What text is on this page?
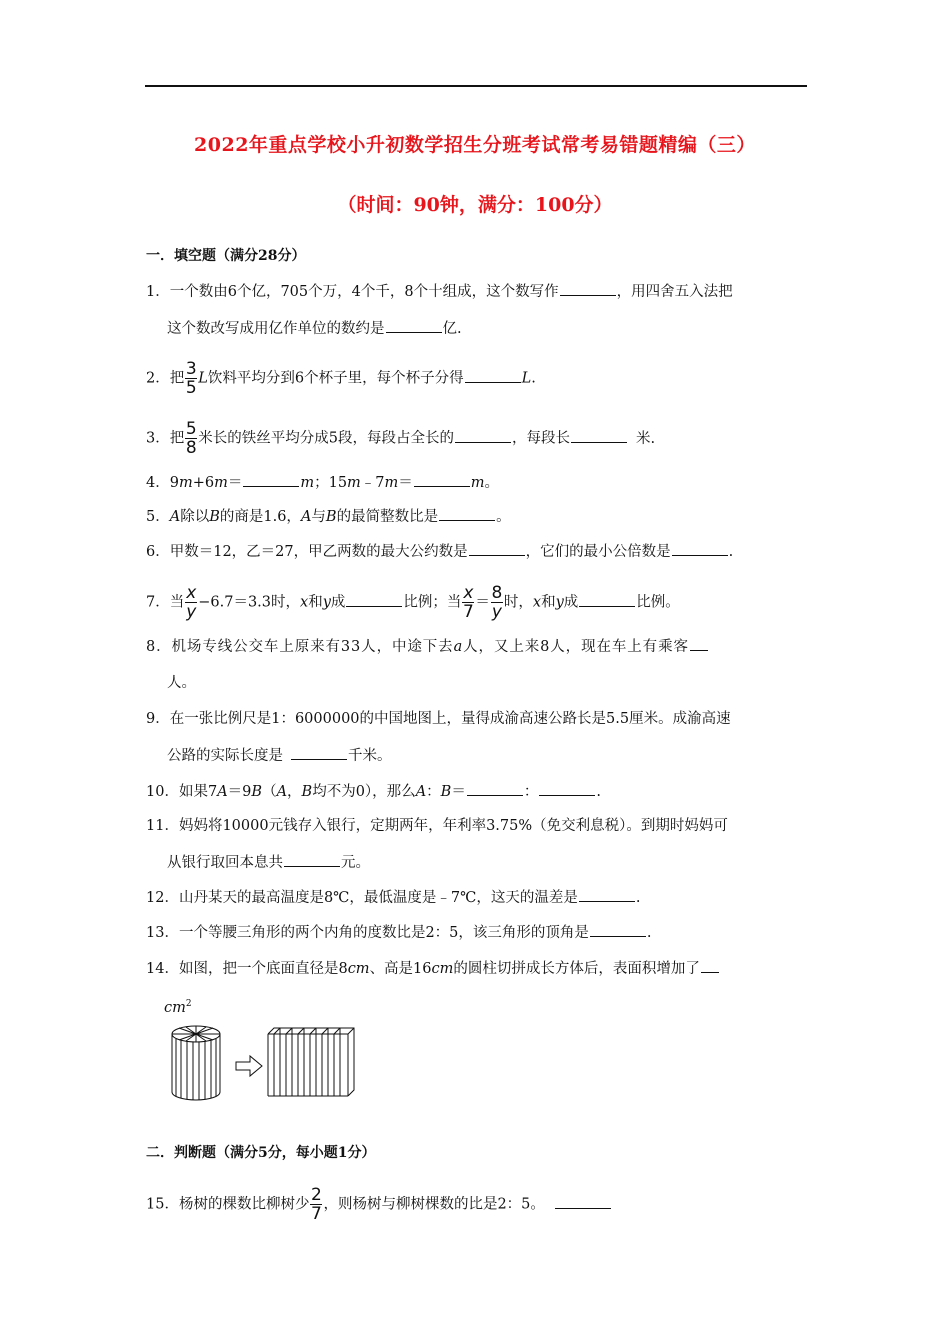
2022年重点学校小升初数学招生分班考试常考易错题精编（三）
（时间：90钟，满分：100分）
一．填空题（满分28分）
1．一个数由6个亿，705个万，4个千，8个十组成，这个数写作	，用四舍五入法把
这个数改写成用亿作单位的数约是	亿.
2．把 $\frac{3}{5}$ L饮料平均分到6个杯子里，每个杯子分得	L.
3．把 $\frac{5}{8}$ 米长的铁丝平均分成5段，每段占全长的	，每段长	米.
4．9m+6m＝	m；15m﹣7m＝	m。
5．A除以B的商是1.6，A与B的最简整数比是	。
6．甲数＝12，乙＝27，甲乙两数的最大公约数是	，它们的最小公倍数是	.
7．当 $\frac{x}{y} -6.7=3.3$时，x和y成	比例；当 $\frac{x}{7} = \frac{8}{y}$ 时，x和y成	比例。
8．机场专线公交车上原来有33人，中途下去a人，又上来8人，现在车上有乘客
人。
9．在一张比例尺是1：6000000的中国地图上，量得成渝高速公路长是5.5厘米。成渝高速
公路的实际长度是	千米。
10．如果7A＝9B（A，B均不为0），那么A：B＝	：	.
11．妈妈将10000元钱存入银行，定期两年，年利率3.75%（免交利息税）。到期时妈妈可
从银行取回本息共	元。
12．山丹某天的最高温度是8℃，最低温度是﹣7℃，这天的温差是	.
13．一个等腰三角形的两个内角的度数比是2：5，该三角形的顶角是	.
14．如图，把一个底面直径是8cm、高是16cm的圆柱切拼成长方体后，表面积增加了
$cm^2$
二．判断题（满分5分，每小题1分）
15．杨树的棵数比柳树少 $\frac{2}{7}$ ，则杨树与柳树棵数的比是2：5。
